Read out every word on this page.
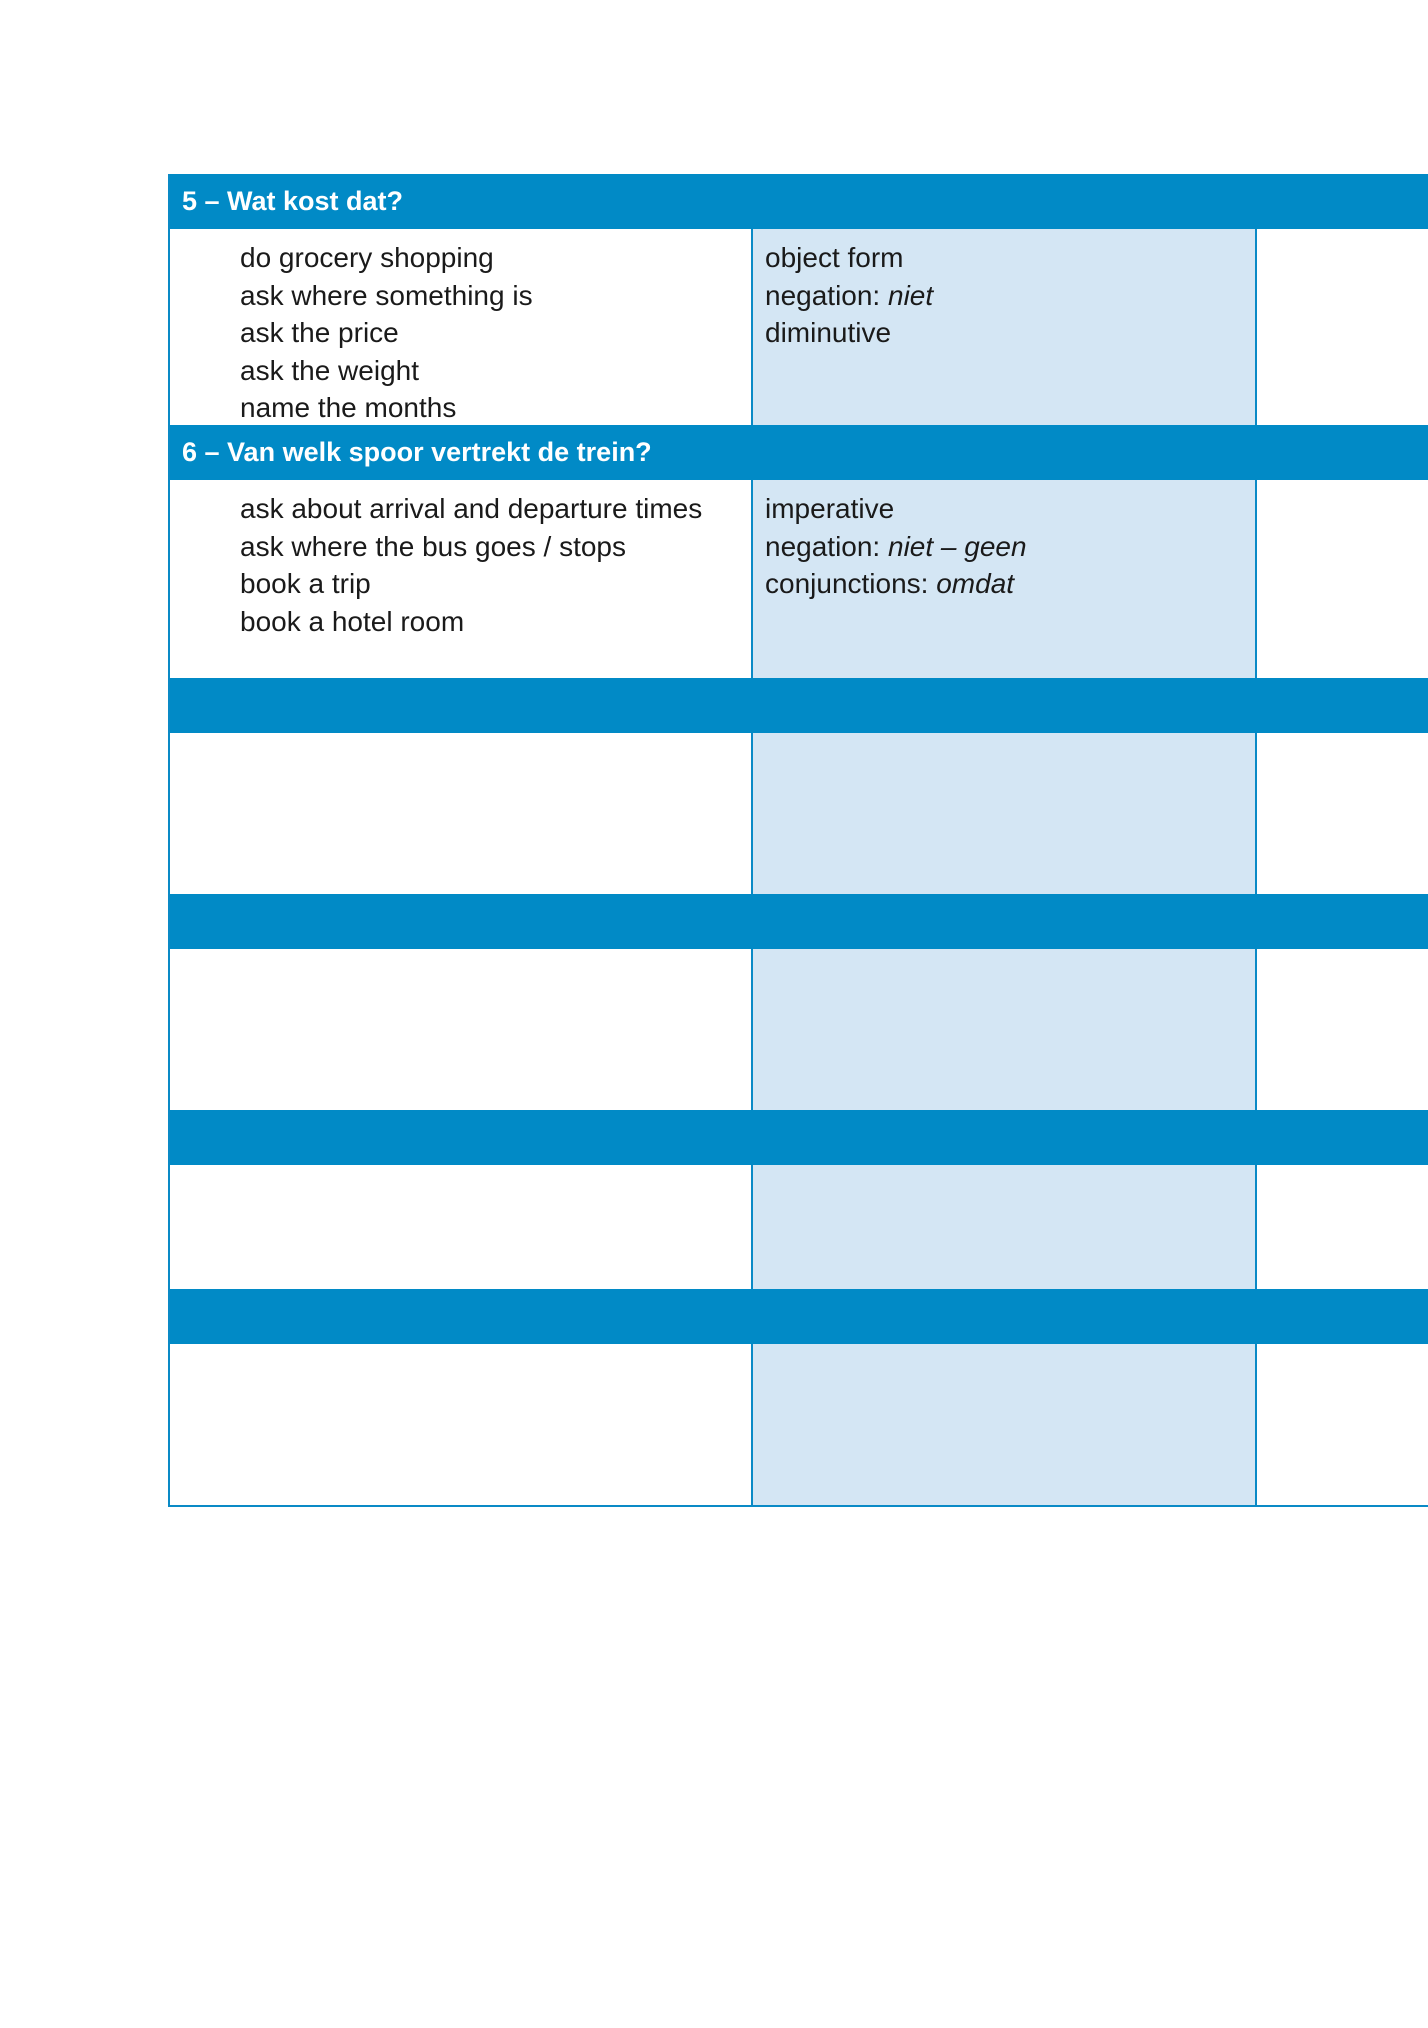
5 – Wat kost dat?
do grocery shopping
ask where something is
ask the price
ask the weight
name the months
object form
negation: niet
diminutive
6 – Van welk spoor vertrekt de trein?
ask about arrival and departure times
ask where the bus goes / stops
book a trip
book a hotel room
imperative
negation: niet – geen
conjunctions: omdat
